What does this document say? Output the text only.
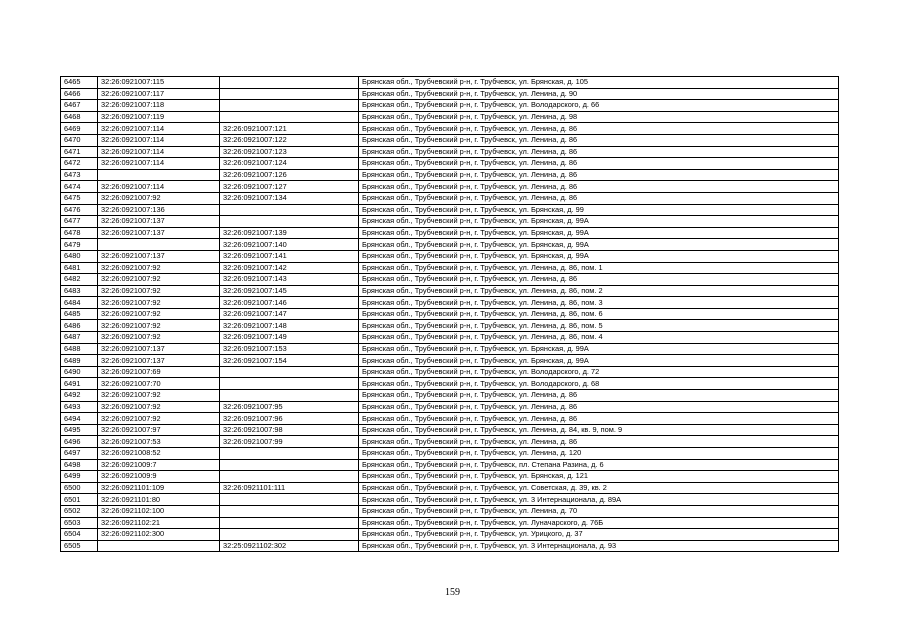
6465	32:26:0921007:115		Брянская обл., Трубчевский р-н, г. Трубчевск, ул. Брянская, д. 105
6466	32:26:0921007:117		Брянская обл., Трубчевский р-н, г. Трубчевск, ул. Ленина, д. 90
6467	32:26:0921007:118		Брянская обл., Трубчевский р-н, г. Трубчевск, ул. Володарского, д. 66
6468	32:26:0921007:119		Брянская обл., Трубчевский р-н, г. Трубчевск, ул. Ленина, д. 98
6469	32:26:0921007:114	32:26:0921007:121	Брянская обл., Трубчевский р-н, г. Трубчевск, ул. Ленина, д. 86
6470	32:26:0921007:114	32:26:0921007:122	Брянская обл., Трубчевский р-н, г. Трубчевск, ул. Ленина, д. 86
6471	32:26:0921007:114	32:26:0921007:123	Брянская обл., Трубчевский р-н, г. Трубчевск, ул. Ленина, д. 86
6472	32:26:0921007:114	32:26:0921007:124	Брянская обл., Трубчевский р-н, г. Трубчевск, ул. Ленина, д. 86
6473		32:26:0921007:126	Брянская обл., Трубчевский р-н, г. Трубчевск, ул. Ленина, д. 86
6474	32:26:0921007:114	32:26:0921007:127	Брянская обл., Трубчевский р-н, г. Трубчевск, ул. Ленина, д. 86
6475	32:26:0921007:92	32:26:0921007:134	Брянская обл., Трубчевский р-н, г. Трубчевск, ул. Ленина, д. 86
6476	32:26:0921007:136		Брянская обл., Трубчевский р-н, г. Трубчевск, ул. Брянская, д. 99
6477	32:26:0921007:137		Брянская обл., Трубчевский р-н, г. Трубчевск, ул. Брянская, д. 99А
6478	32:26:0921007:137	32:26:0921007:139	Брянская обл., Трубчевский р-н, г. Трубчевск, ул. Брянская, д. 99А
6479		32:26:0921007:140	Брянская обл., Трубчевский р-н, г. Трубчевск, ул. Брянская, д. 99А
6480	32:26:0921007:137	32:26:0921007:141	Брянская обл., Трубчевский р-н, г. Трубчевск, ул. Брянская, д. 99А
6481	32:26:0921007:92	32:26:0921007:142	Брянская обл., Трубчевский р-н, г. Трубчевск, ул. Ленина, д. 86, пом. 1
6482	32:26:0921007:92	32:26:0921007:143	Брянская обл., Трубчевский р-н, г. Трубчевск, ул. Ленина, д. 86
6483	32:26:0921007:92	32:26:0921007:145	Брянская обл., Трубчевский р-н, г. Трубчевск, ул. Ленина, д. 86, пом. 2
6484	32:26:0921007:92	32:26:0921007:146	Брянская обл., Трубчевский р-н, г. Трубчевск, ул. Ленина, д. 86, пом. 3
6485	32:26:0921007:92	32:26:0921007:147	Брянская обл., Трубчевский р-н, г. Трубчевск, ул. Ленина, д. 86, пом. 6
6486	32:26:0921007:92	32:26:0921007:148	Брянская обл., Трубчевский р-н, г. Трубчевск, ул. Ленина, д. 86, пом. 5
6487	32:26:0921007:92	32:26:0921007:149	Брянская обл., Трубчевский р-н, г. Трубчевск, ул. Ленина, д. 86, пом. 4
6488	32:26:0921007:137	32:26:0921007:153	Брянская обл., Трубчевский р-н, г. Трубчевск, ул. Брянская, д. 99А
6489	32:26:0921007:137	32:26:0921007:154	Брянская обл., Трубчевский р-н, г. Трубчевск, ул. Брянская, д. 99А
6490	32:26:0921007:69		Брянская обл., Трубчевский р-н, г. Трубчевск, ул. Володарского, д. 72
6491	32:26:0921007:70		Брянская обл., Трубчевский р-н, г. Трубчевск, ул. Володарского, д. 68
6492	32:26:0921007:92		Брянская обл., Трубчевский р-н, г. Трубчевск, ул. Ленина, д. 86
6493	32:26:0921007:92	32:26:0921007:95	Брянская обл., Трубчевский р-н, г. Трубчевск, ул. Ленина, д. 86
6494	32:26:0921007:92	32:26:0921007:96	Брянская обл., Трубчевский р-н, г. Трубчевск, ул. Ленина, д. 86
6495	32:26:0921007:97	32:26:0921007:98	Брянская обл., Трубчевский р-н, г. Трубчевск, ул. Ленина, д. 84, кв. 9, пом. 9
6496	32:26:0921007:53	32:26:0921007:99	Брянская обл., Трубчевский р-н, г. Трубчевск, ул. Ленина, д. 86
6497	32:26:0921008:52		Брянская обл., Трубчевский р-н, г. Трубчевск, ул. Ленина, д. 120
6498	32:26:0921009:7		Брянская обл., Трубчевский р-н, г. Трубчевск, пл. Степана Разина, д. 6
6499	32:26:0921009:9		Брянская обл., Трубчевский р-н, г. Трубчевск, ул. Брянская, д. 121
6500	32:26:0921101:109	32:26:0921101:111	Брянская обл., Трубчевский р-н, г. Трубчевск, ул. Советская, д. 39, кв. 2
6501	32:26:0921101:80		Брянская обл., Трубчевский р-н, г. Трубчевск, ул. 3 Интернационала, д. 89А
6502	32:26:0921102:100		Брянская обл., Трубчевский р-н, г. Трубчевск, ул. Ленина, д. 70
6503	32:26:0921102:21		Брянская обл., Трубчевский р-н, г. Трубчевск, ул. Луначарского, д. 76Б
6504	32:26:0921102:300		Брянская обл., Трубчевский р-н, г. Трубчевск, ул. Урицкого, д. 37
6505		32:25:0921102:302	Брянская обл., Трубчевский р-н, г. Трубчевск, ул. 3 Интернационала, д. 93
159
